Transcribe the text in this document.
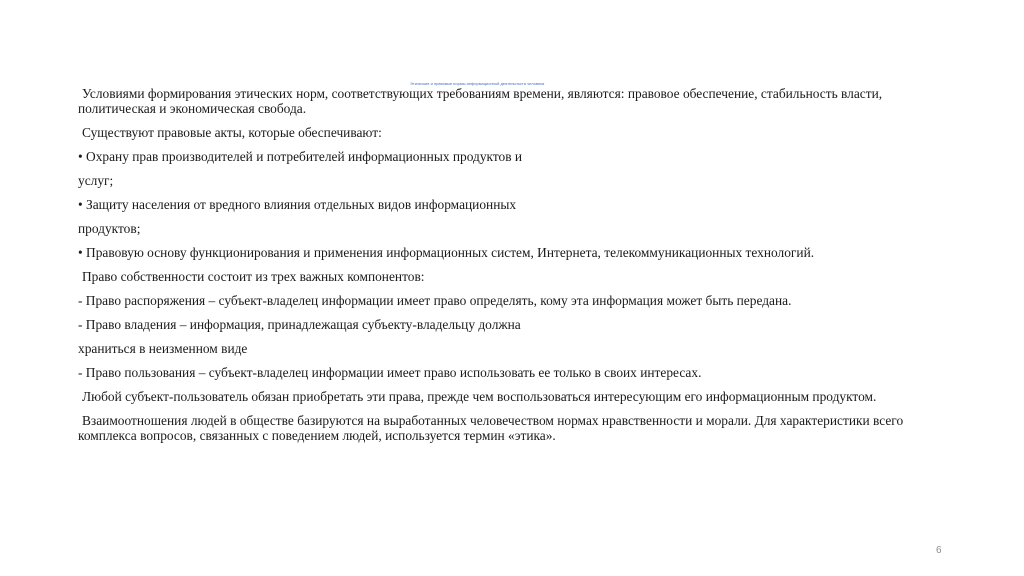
Этические и правовые нормы информационной деятельности человека

Условиями формирования этических норм, соответствующих требованиям времени, являются: правовое обеспечение, стабильность власти, политическая и экономическая свобода.

Существуют правовые акты, которые обеспечивают:

• Охрану прав производителей и потребителей информационных продуктов и

услуг;

• Защиту населения от вредного влияния отдельных видов информационных

продуктов;

• Правовую основу функционирования и применения информационных систем, Интернета, телекоммуникационных технологий.

Право собственности состоит из трех важных компонентов:

- Право распоряжения – субъект-владелец информации имеет право определять, кому эта информация может быть передана.

- Право владения – информация, принадлежащая субъекту-владельцу должна

храниться в неизменном виде

- Право пользования – субъект-владелец информации имеет право использовать ее только в своих интересах.

Любой субъект-пользователь обязан приобретать эти права, прежде чем воспользоваться интересующим его информационным продуктом.

Взаимоотношения людей в обществе базируются на выработанных человечеством нормах нравственности и морали. Для характеристики всего комплекса вопросов, связанных с поведением людей, используется термин «этика».

6
